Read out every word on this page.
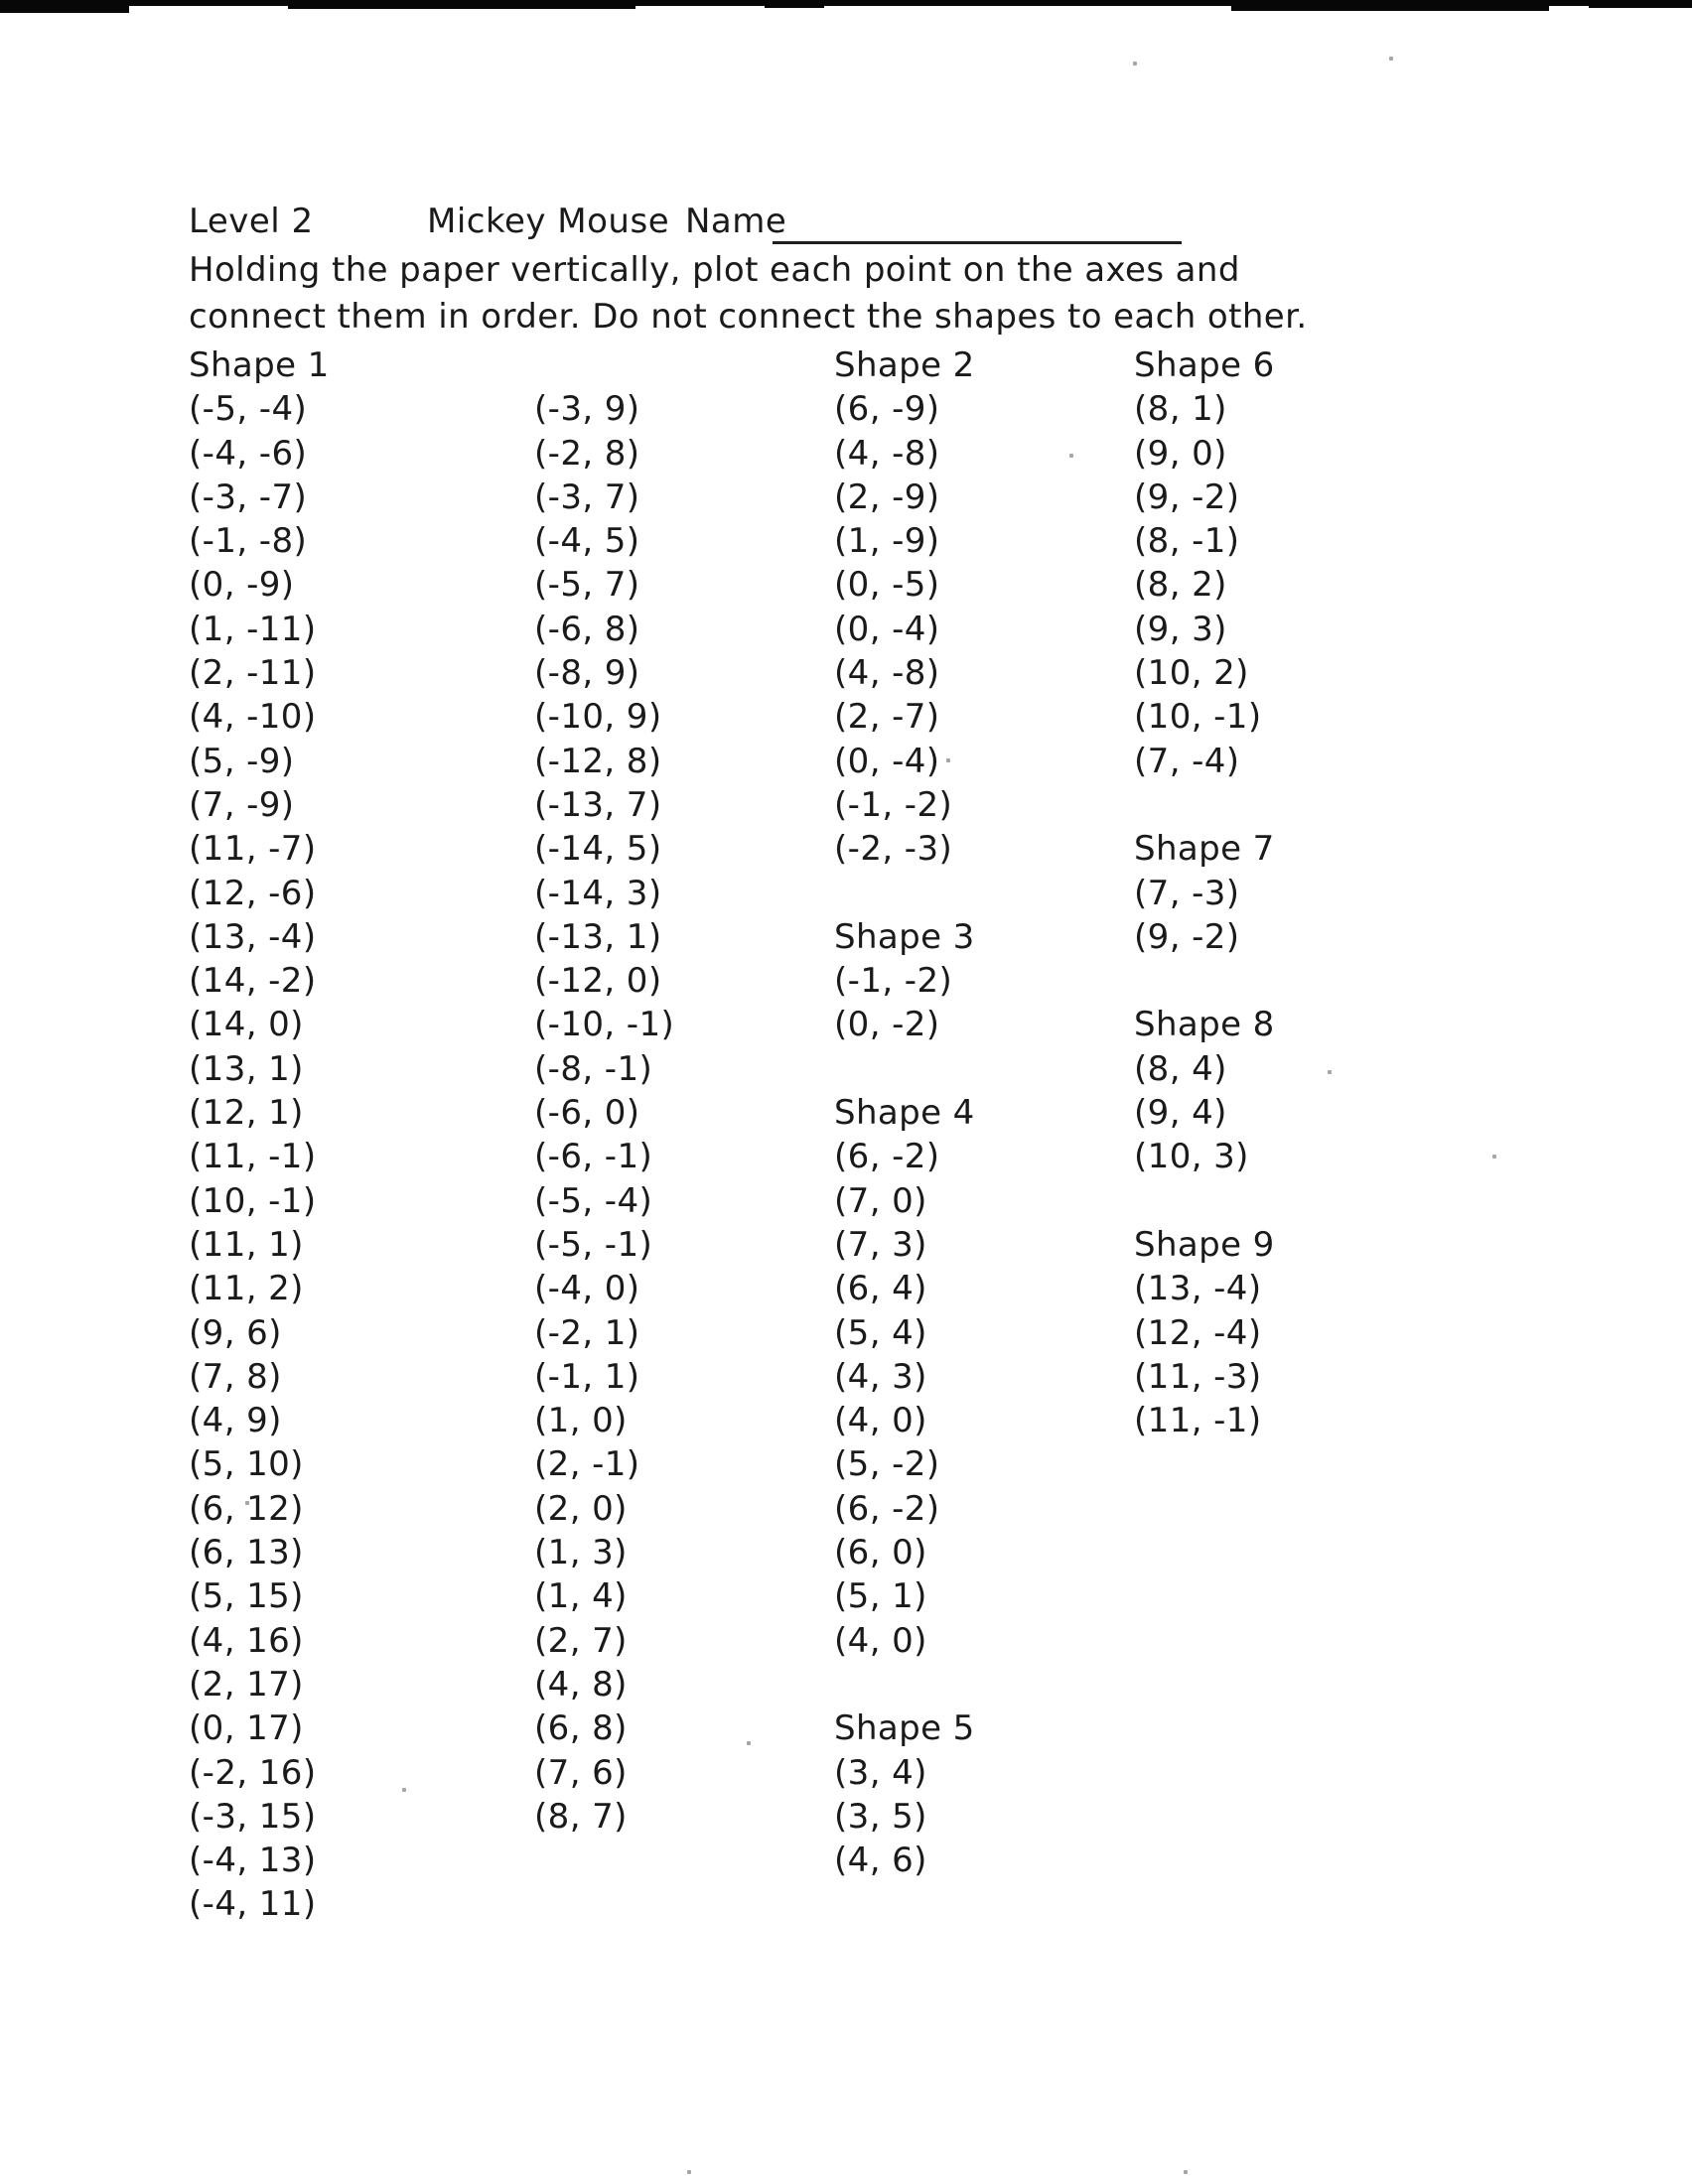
Level 2	Mickey Mouse Name
Holding the paper vertically, plot each point on the axes and
connect them in order. Do not connect the shapes to each other.
Shape 1
(-5, -4)
(-4, -6)
(-3, -7)
(-1, -8)
(0, -9)
(1, -11)
(2, -11)
(4, -10)
(5, -9)
(7, -9)
(11, -7)
(12, -6)
(13, -4)
(14, -2)
(14, 0)
(13, 1)
(12, 1)
(11, -1)
(10, -1)
(11, 1)
(11, 2)
(9, 6)
(7, 8)
(4, 9)
(5, 10)
(6, 12)
(6, 13)
(5, 15)
(4, 16)
(2, 17)
(0, 17)
(-2, 16)
(-3, 15)
(-4, 13)
(-4, 11)
(-3, 9)
(-2, 8)
(-3, 7)
(-4, 5)
(-5, 7)
(-6, 8)
(-8, 9)
(-10, 9)
(-12, 8)
(-13, 7)
(-14, 5)
(-14, 3)
(-13, 1)
(-12, 0)
(-10, -1)
(-8, -1)
(-6, 0)
(-6, -1)
(-5, -4)
(-5, -1)
(-4, 0)
(-2, 1)
(-1, 1)
(1, 0)
(2, -1)
(2, 0)
(1, 3)
(1, 4)
(2, 7)
(4, 8)
(6, 8)
(7, 6)
(8, 7)
Shape 2
(6, -9)
(4, -8)
(2, -9)
(1, -9)
(0, -5)
(0, -4)
(4, -8)
(2, -7)
(0, -4)
(-1, -2)
(-2, -3)
Shape 3
(-1, -2)
(0, -2)
Shape 4
(6, -2)
(7, 0)
(7, 3)
(6, 4)
(5, 4)
(4, 3)
(4, 0)
(5, -2)
(6, -2)
(6, 0)
(5, 1)
(4, 0)
Shape 5
(3, 4)
(3, 5)
(4, 6)
Shape 6
(8, 1)
(9, 0)
(9, -2)
(8, -1)
(8, 2)
(9, 3)
(10, 2)
(10, -1)
(7, -4)
Shape 7
(7, -3)
(9, -2)
Shape 8
(8, 4)
(9, 4)
(10, 3)
Shape 9
(13, -4)
(12, -4)
(11, -3)
(11, -1)
